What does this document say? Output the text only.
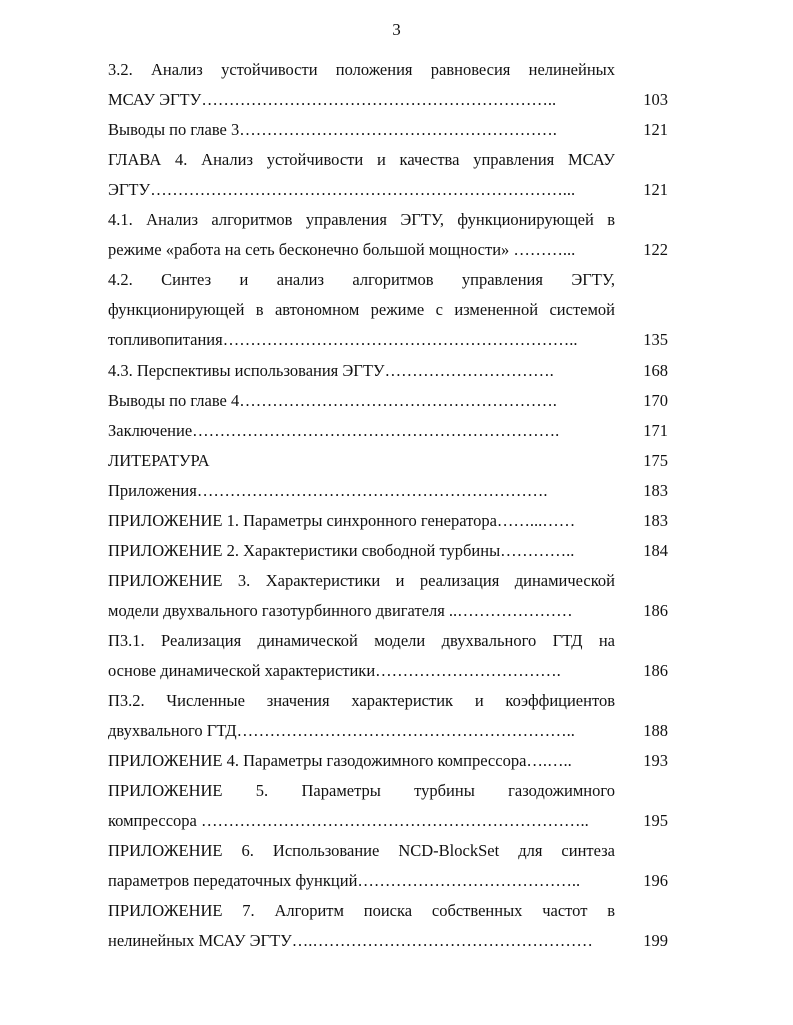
3
3.2. Анализ устойчивости положения равновесия нелинейных
МСАУ ЭГТУ………………………………………………………..	103
Выводы по главе 3………………………………………………….	121
ГЛАВА 4. Анализ устойчивости и качества управления МСАУ
ЭГТУ…………………………………………………………………...	121
4.1. Анализ алгоритмов управления ЭГТУ, функционирующей в
режиме «работа на сеть бесконечно большой мощности» ………...	122
4.2. Синтез и анализ алгоритмов управления ЭГТУ,
функционирующей в автономном режиме с измененной системой
топливопитания………………………………………………………..	135
4.3. Перспективы использования ЭГТУ………………………….	168
Выводы по главе 4………………………………………………….	170
Заключение………………………………………………………….	171
ЛИТЕРАТУРА	175
Приложения……………………………………………………….	183
ПРИЛОЖЕНИЕ 1. Параметры синхронного генератора……...……	183
ПРИЛОЖЕНИЕ 2. Характеристики свободной турбины…………..	184
ПРИЛОЖЕНИЕ 3. Характеристики и реализация динамической
модели двухвального газотурбинного двигателя ..…………………	186
П3.1. Реализация динамической модели двухвального ГТД на
основе динамической характеристики…………………………….	186
П3.2. Численные значения характеристик и коэффициентов
двухвального ГТД……………………………………………………..	188
ПРИЛОЖЕНИЕ 4. Параметры газодожимного компрессора….…..	193
ПРИЛОЖЕНИЕ 5. Параметры турбины газодожимного
компрессора ……………………………………………………………..	195
ПРИЛОЖЕНИЕ 6. Использование NCD-BlockSet для синтеза
параметров передаточных функций…………………………………..	196
ПРИЛОЖЕНИЕ 7. Алгоритм поиска собственных частот в
нелинейных МСАУ ЭГТУ….……………………………………………	199
